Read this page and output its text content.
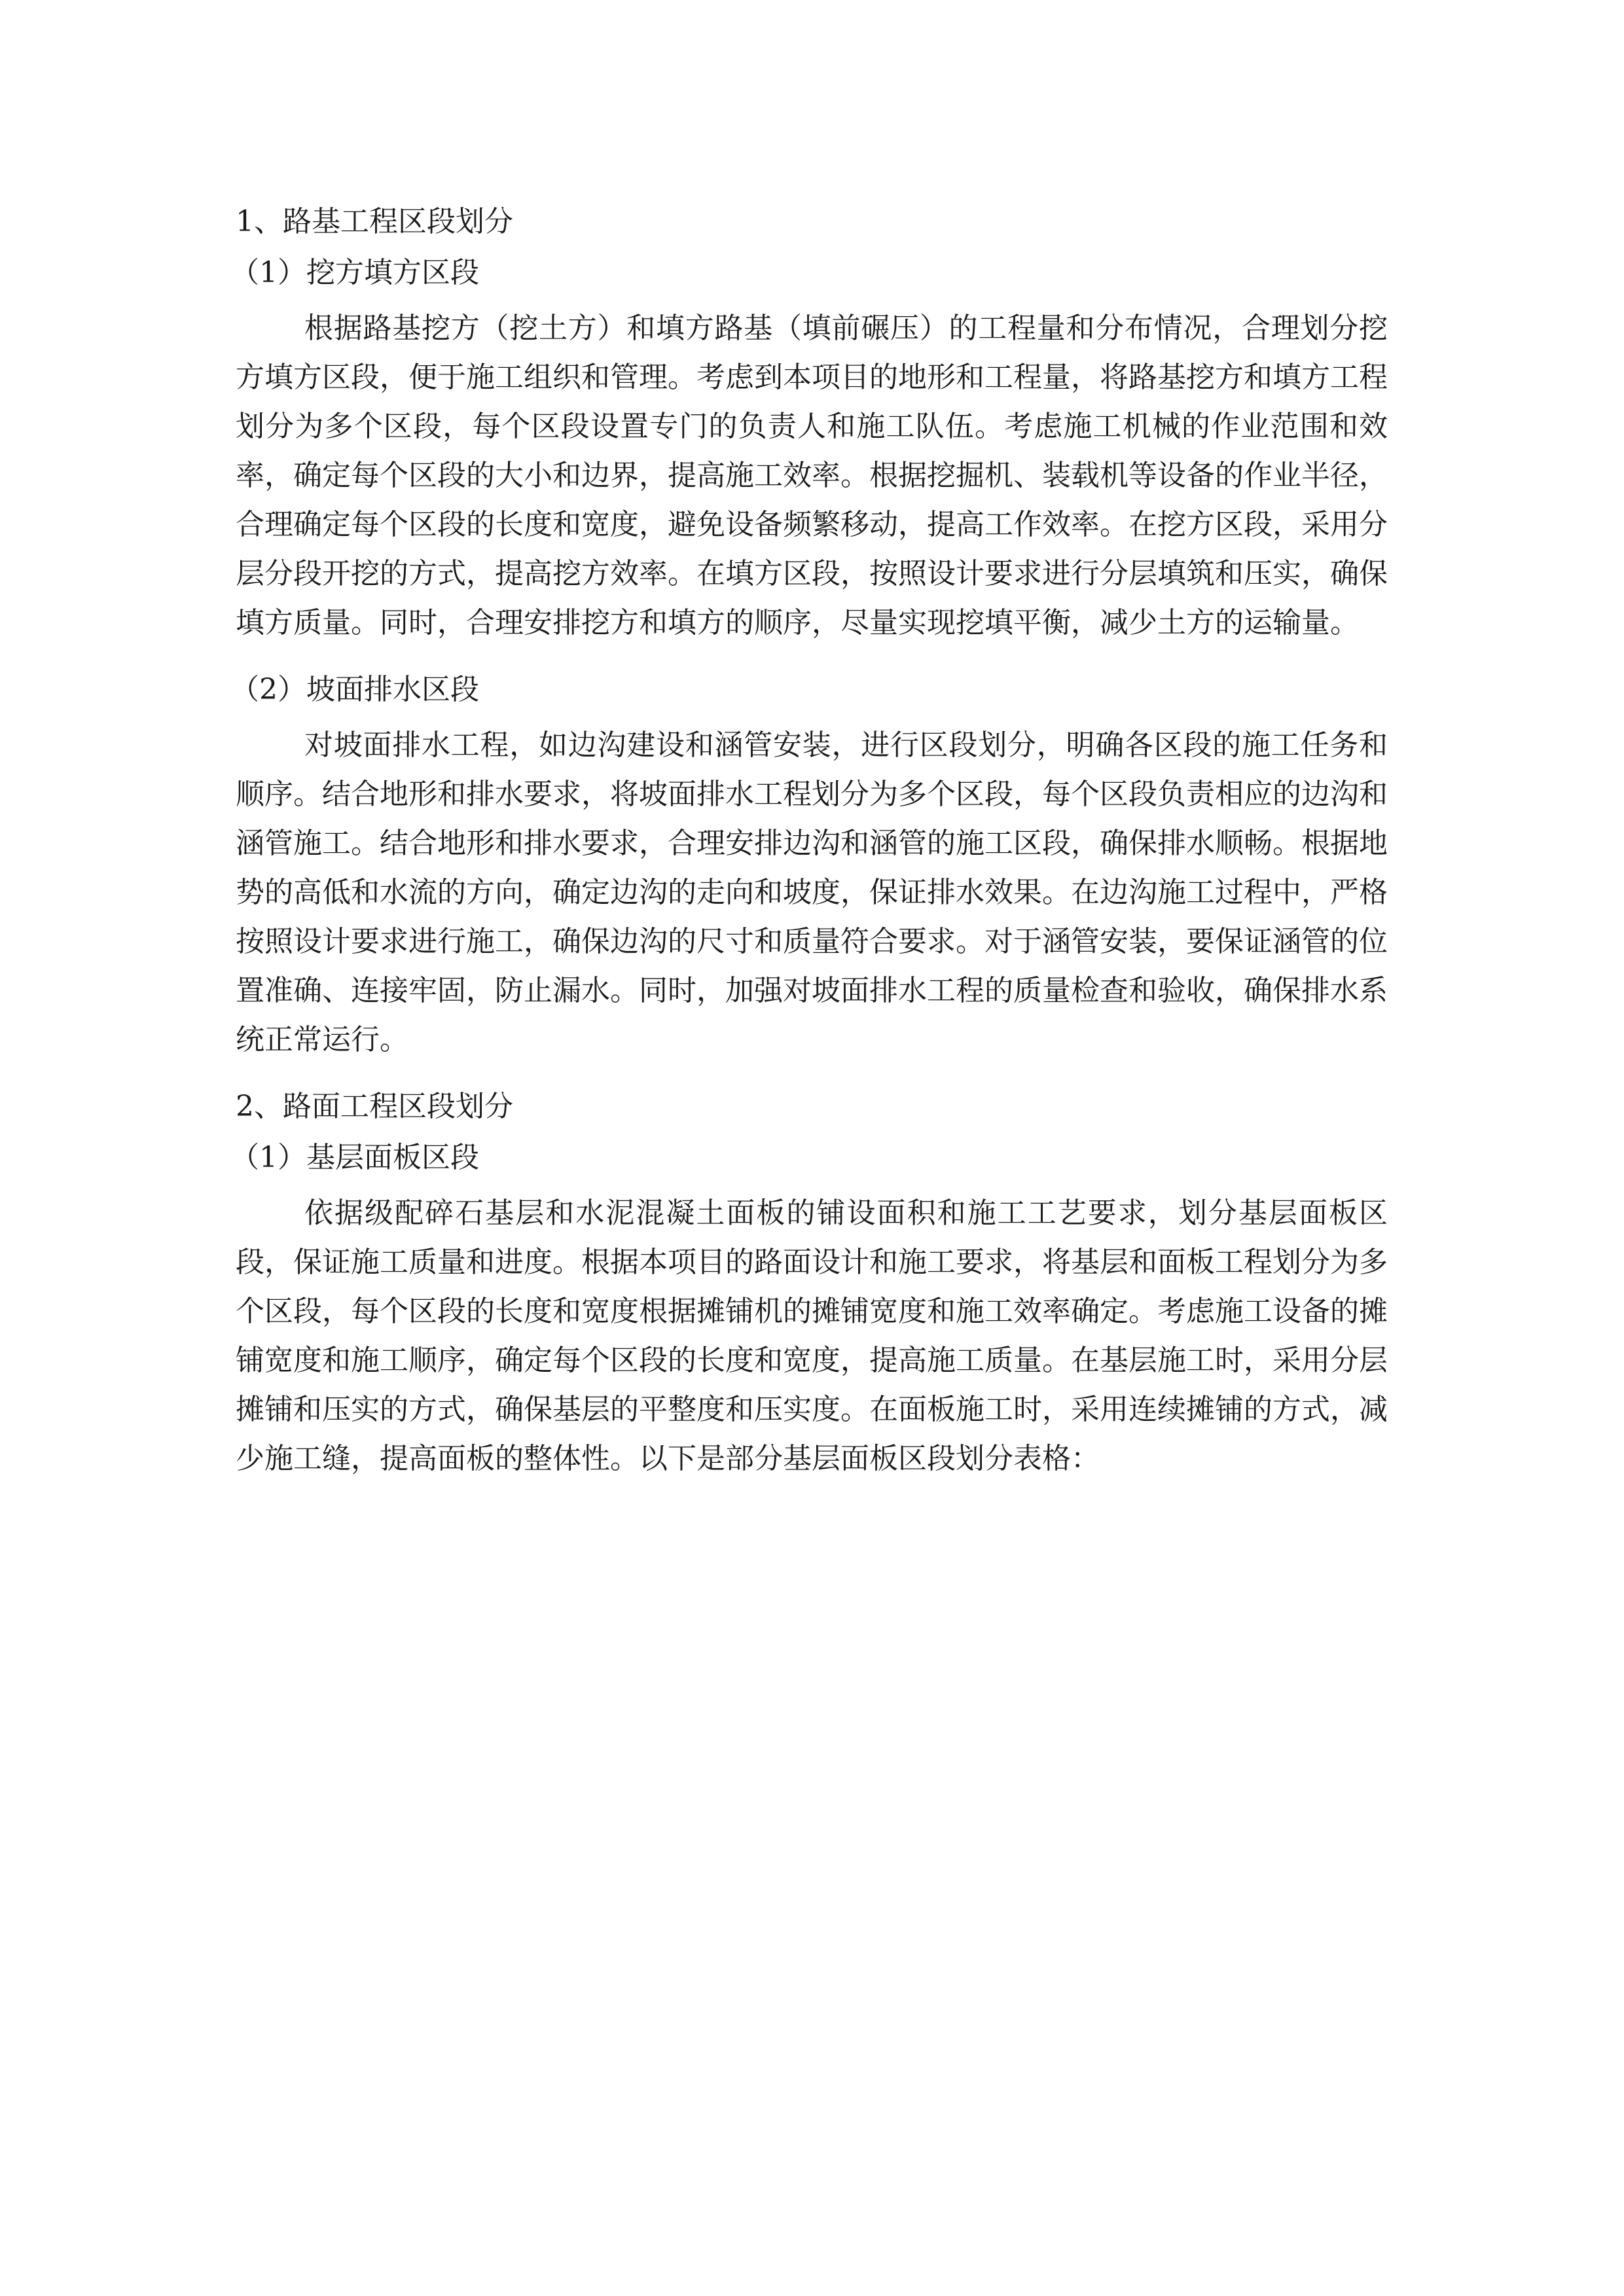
1、路基工程区段划分
（1）挖方填方区段

根据路基挖方（挖土方）和填方路基（填前碾压）的工程量和分布情况，合理划分挖方填方区段，便于施工组织和管理。考虑到本项目的地形和工程量，将路基挖方和填方工程划分为多个区段，每个区段设置专门的负责人和施工队伍。考虑施工机械的作业范围和效率，确定每个区段的大小和边界，提高施工效率。根据挖掘机、装载机等设备的作业半径，合理确定每个区段的长度和宽度，避免设备频繁移动，提高工作效率。在挖方区段，采用分层分段开挖的方式，提高挖方效率。在填方区段，按照设计要求进行分层填筑和压实，确保填方质量。同时，合理安排挖方和填方的顺序，尽量实现挖填平衡，减少土方的运输量。

（2）坡面排水区段

对坡面排水工程，如边沟建设和涵管安装，进行区段划分，明确各区段的施工任务和顺序。结合地形和排水要求，将坡面排水工程划分为多个区段，每个区段负责相应的边沟和涵管施工。结合地形和排水要求，合理安排边沟和涵管的施工区段，确保排水顺畅。根据地势的高低和水流的方向，确定边沟的走向和坡度，保证排水效果。在边沟施工过程中，严格按照设计要求进行施工，确保边沟的尺寸和质量符合要求。对于涵管安装，要保证涵管的位置准确、连接牢固，防止漏水。同时，加强对坡面排水工程的质量检查和验收，确保排水系统正常运行。

2、路面工程区段划分
（1）基层面板区段

依据级配碎石基层和水泥混凝土面板的铺设面积和施工工艺要求，划分基层面板区段，保证施工质量和进度。根据本项目的路面设计和施工要求，将基层和面板工程划分为多个区段，每个区段的长度和宽度根据摊铺机的摊铺宽度和施工效率确定。考虑施工设备的摊铺宽度和施工顺序，确定每个区段的长度和宽度，提高施工质量。在基层施工时，采用分层摊铺和压实的方式，确保基层的平整度和压实度。在面板施工时，采用连续摊铺的方式，减少施工缝，提高面板的整体性。以下是部分基层面板区段划分表格：
